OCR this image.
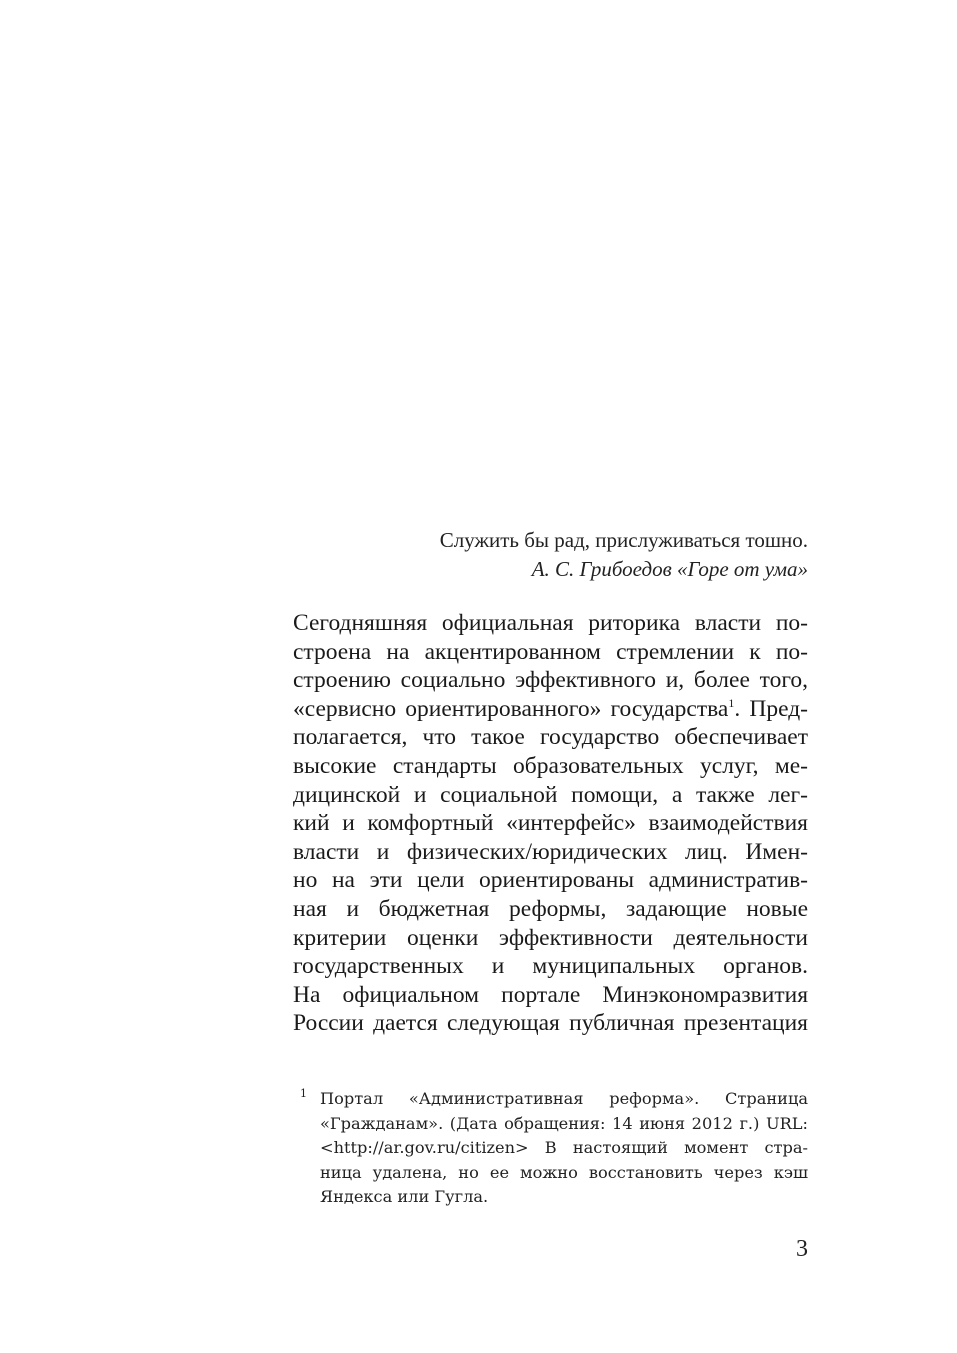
Служить бы рад, прислуживаться тошно.
А. С. Грибоедов «Горе от ума»
Сегодняшняя официальная риторика власти по-
строена на акцентированном стремлении к по-
строению социально эффективного и, более того,
«сервисно ориентированного» государства$^1$. Пред-
полагается, что такое государство обеспечивает
высокие стандарты образовательных услуг, ме-
дицинской и социальной помощи, а также лег-
кий и комфортный «интерфейс» взаимодействия
власти и физических/юридических лиц. Имен-
но на эти цели ориентированы административ-
ная и бюджетная реформы, задающие новые
критерии оценки эффективности деятельности
государственных и муниципальных органов.
На официальном портале Минэкономразвития
России дается следующая публичная презентация
1 Портал «Административная реформа». Страница
«Гражданам». (Дата обращения: 14 июня 2012 г.) URL:
<http://ar.gov.ru/citizen> В настоящий момент стра-
ница удалена, но ее можно восстановить через кэш
Яндекса или Гугла.
3
